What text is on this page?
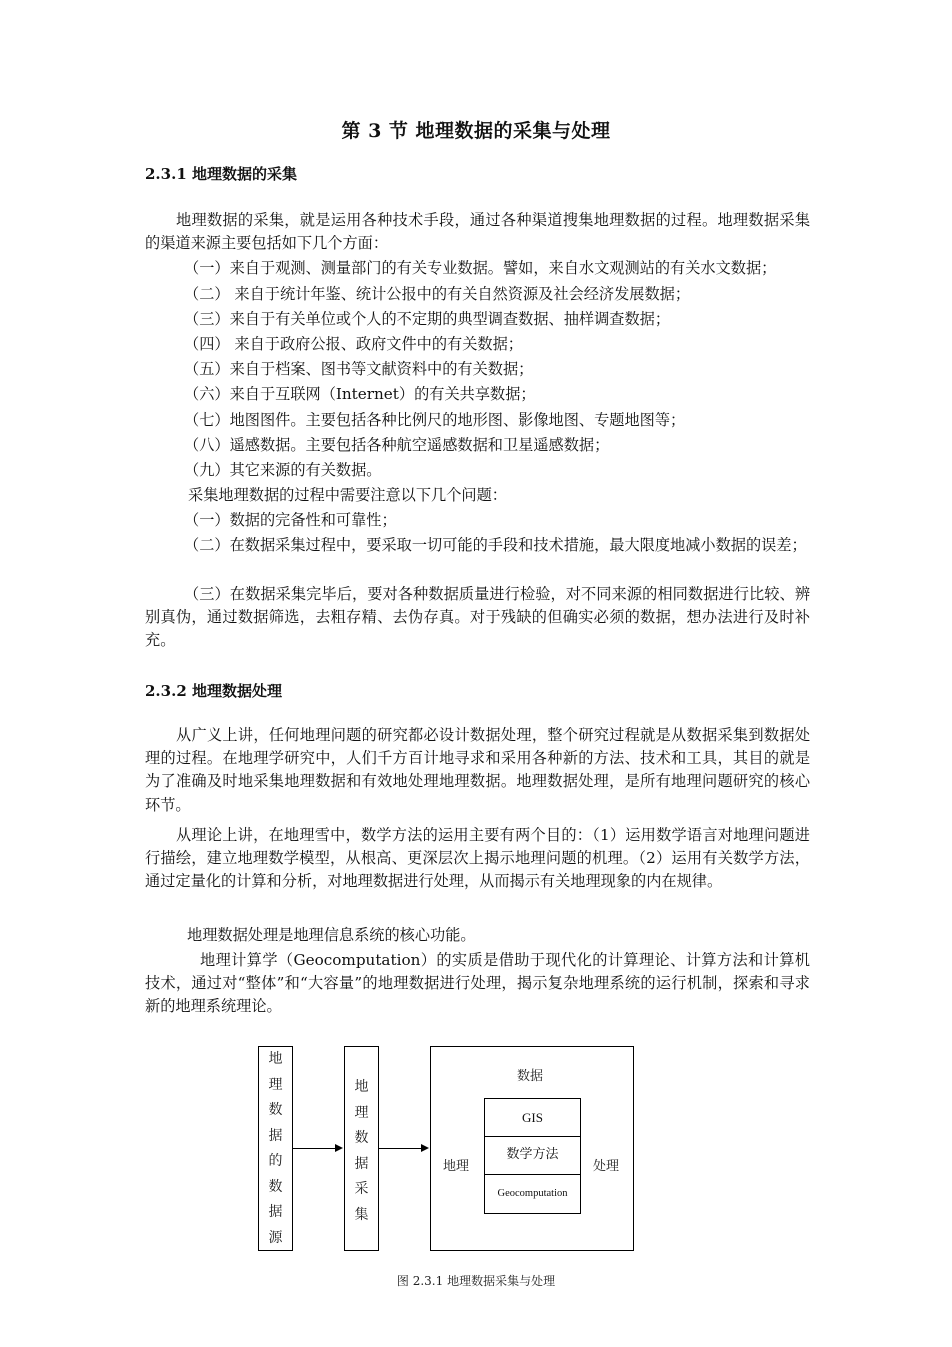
第 3 节 地理数据的采集与处理
2.3.1 地理数据的采集

地理数据的采集，就是运用各种技术手段，通过各种渠道搜集地理数据的过程。地理数据采集的渠道来源主要包括如下几个方面：

（一）来自于观测、测量部门的有关专业数据。譬如，来自水文观测站的有关水文数据；
（二） 来自于统计年鉴、统计公报中的有关自然资源及社会经济发展数据；
（三）来自于有关单位或个人的不定期的典型调查数据、抽样调查数据；
（四） 来自于政府公报、政府文件中的有关数据；
（五）来自于档案、图书等文献资料中的有关数据；
（六）来自于互联网（Internet）的有关共享数据；
（七）地图图件。主要包括各种比例尺的地形图、影像地图、专题地图等；
（八）遥感数据。主要包括各种航空遥感数据和卫星遥感数据；
（九）其它来源的有关数据。
采集地理数据的过程中需要注意以下几个问题：
（一）数据的完备性和可靠性；

（二）在数据采集过程中，要采取一切可能的手段和技术措施，最大限度地减小数据的误差；

（三）在数据采集完毕后，要对各种数据质量进行检验，对不同来源的相同数据进行比较、辨别真伪，通过数据筛选，去粗存精、去伪存真。对于残缺的但确实必须的数据，想办法进行及时补充。

2.3.2 地理数据处理

从广义上讲，任何地理问题的研究都必设计数据处理，整个研究过程就是从数据采集到数据处理的过程。在地理学研究中，人们千方百计地寻求和采用各种新的方法、技术和工具，其目的就是为了准确及时地采集地理数据和有效地处理地理数据。地理数据处理，是所有地理问题研究的核心环节。

从理论上讲，在地理雪中，数学方法的运用主要有两个目的：（1）运用数学语言对地理问题进行描绘，建立地理数学模型，从根高、更深层次上揭示地理问题的机理。（2）运用有关数学方法，通过定量化的计算和分析，对地理数据进行处理，从而揭示有关地理现象的内在规律。

地理数据处理是地理信息系统的核心功能。

地理计算学（Geocomputation）的实质是借助于现代化的计算理论、计算方法和计算机技术，通过对“整体”和“大容量”的地理数据进行处理，揭示复杂地理系统的运行机制，探索和寻求新的地理系统理论。

地
理
数
据
的
数
据
源
地
理
数
据
采
集
数据
地理	处理
GIS
数学方法
Geocomputation
图 2.3.1 地理数据采集与处理
